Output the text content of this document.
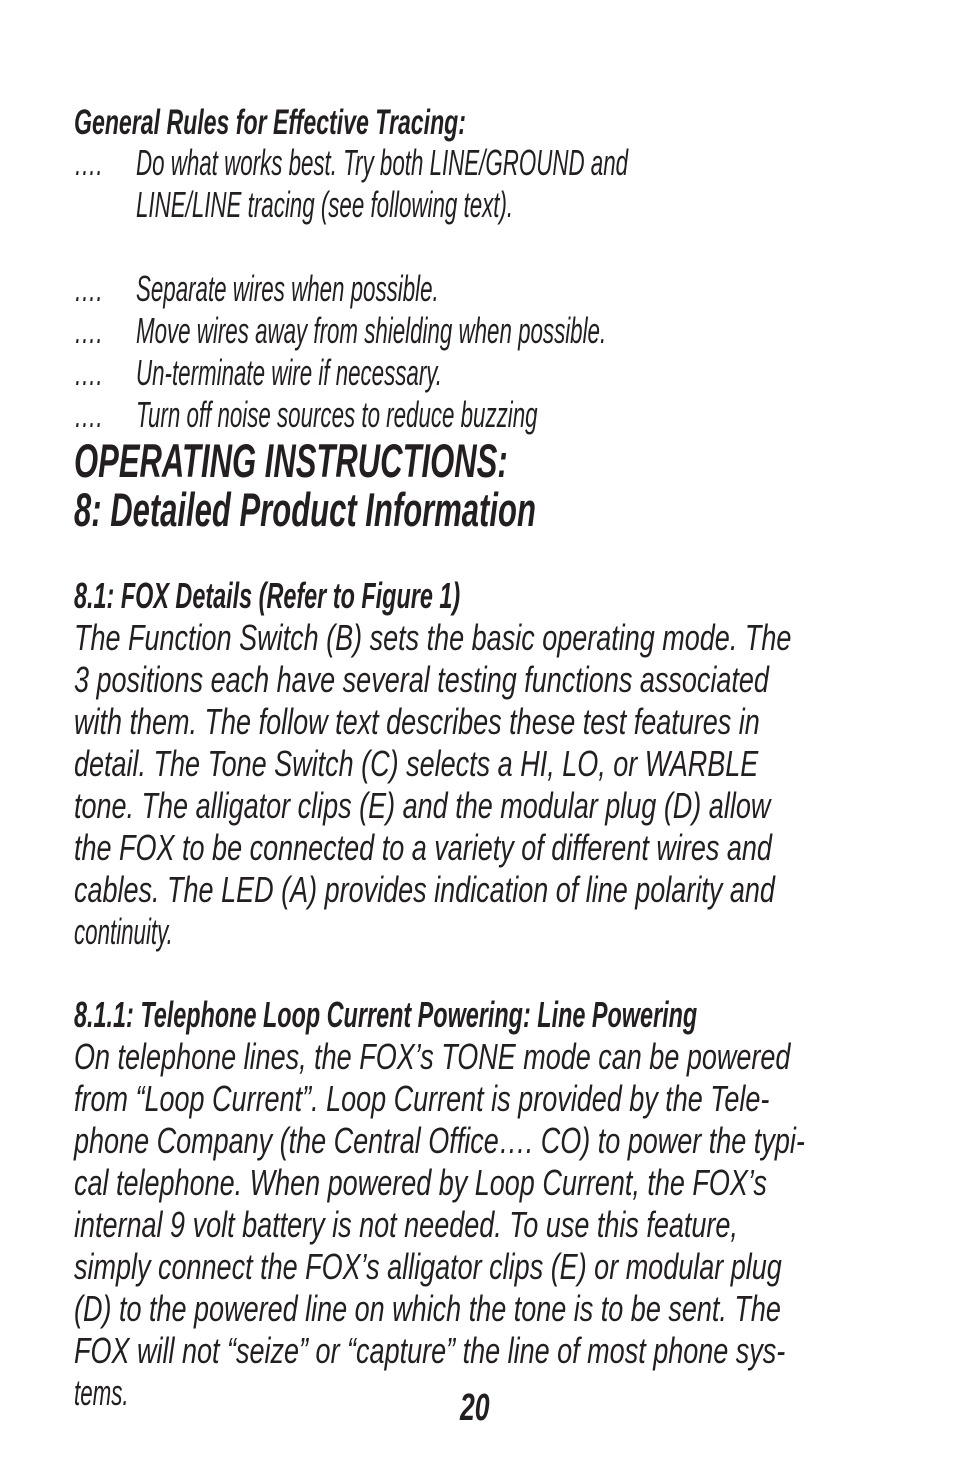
General Rules for Effective Tracing:
…. Do what works best. Try both LINE/GROUND and
LINE/LINE tracing (see following text).
…. Separate wires when possible.
…. Move wires away from shielding when possible.
…. Un-terminate wire if necessary.
…. Turn off noise sources to reduce buzzing
OPERATING INSTRUCTIONS:
8: Detailed Product Information
8.1: FOX Details (Refer to Figure 1)
The Function Switch (B) sets the basic operating mode. The
3 positions each have several testing functions associated
with them. The follow text describes these test features in
detail. The Tone Switch (C) selects a HI, LO, or WARBLE
tone. The alligator clips (E) and the modular plug (D) allow
the FOX to be connected to a variety of different wires and
cables. The LED (A) provides indication of line polarity and
continuity.
8.1.1: Telephone Loop Current Powering: Line Powering
On telephone lines, the FOX’s TONE mode can be powered
from “Loop Current”. Loop Current is provided by the Tele-
phone Company (the Central Office…. CO) to power the typi-
cal telephone. When powered by Loop Current, the FOX’s
internal 9 volt battery is not needed. To use this feature,
simply connect the FOX’s alligator clips (E) or modular plug
(D) to the powered line on which the tone is to be sent. The
FOX will not “seize” or “capture” the line of most phone sys-
tems.	20
